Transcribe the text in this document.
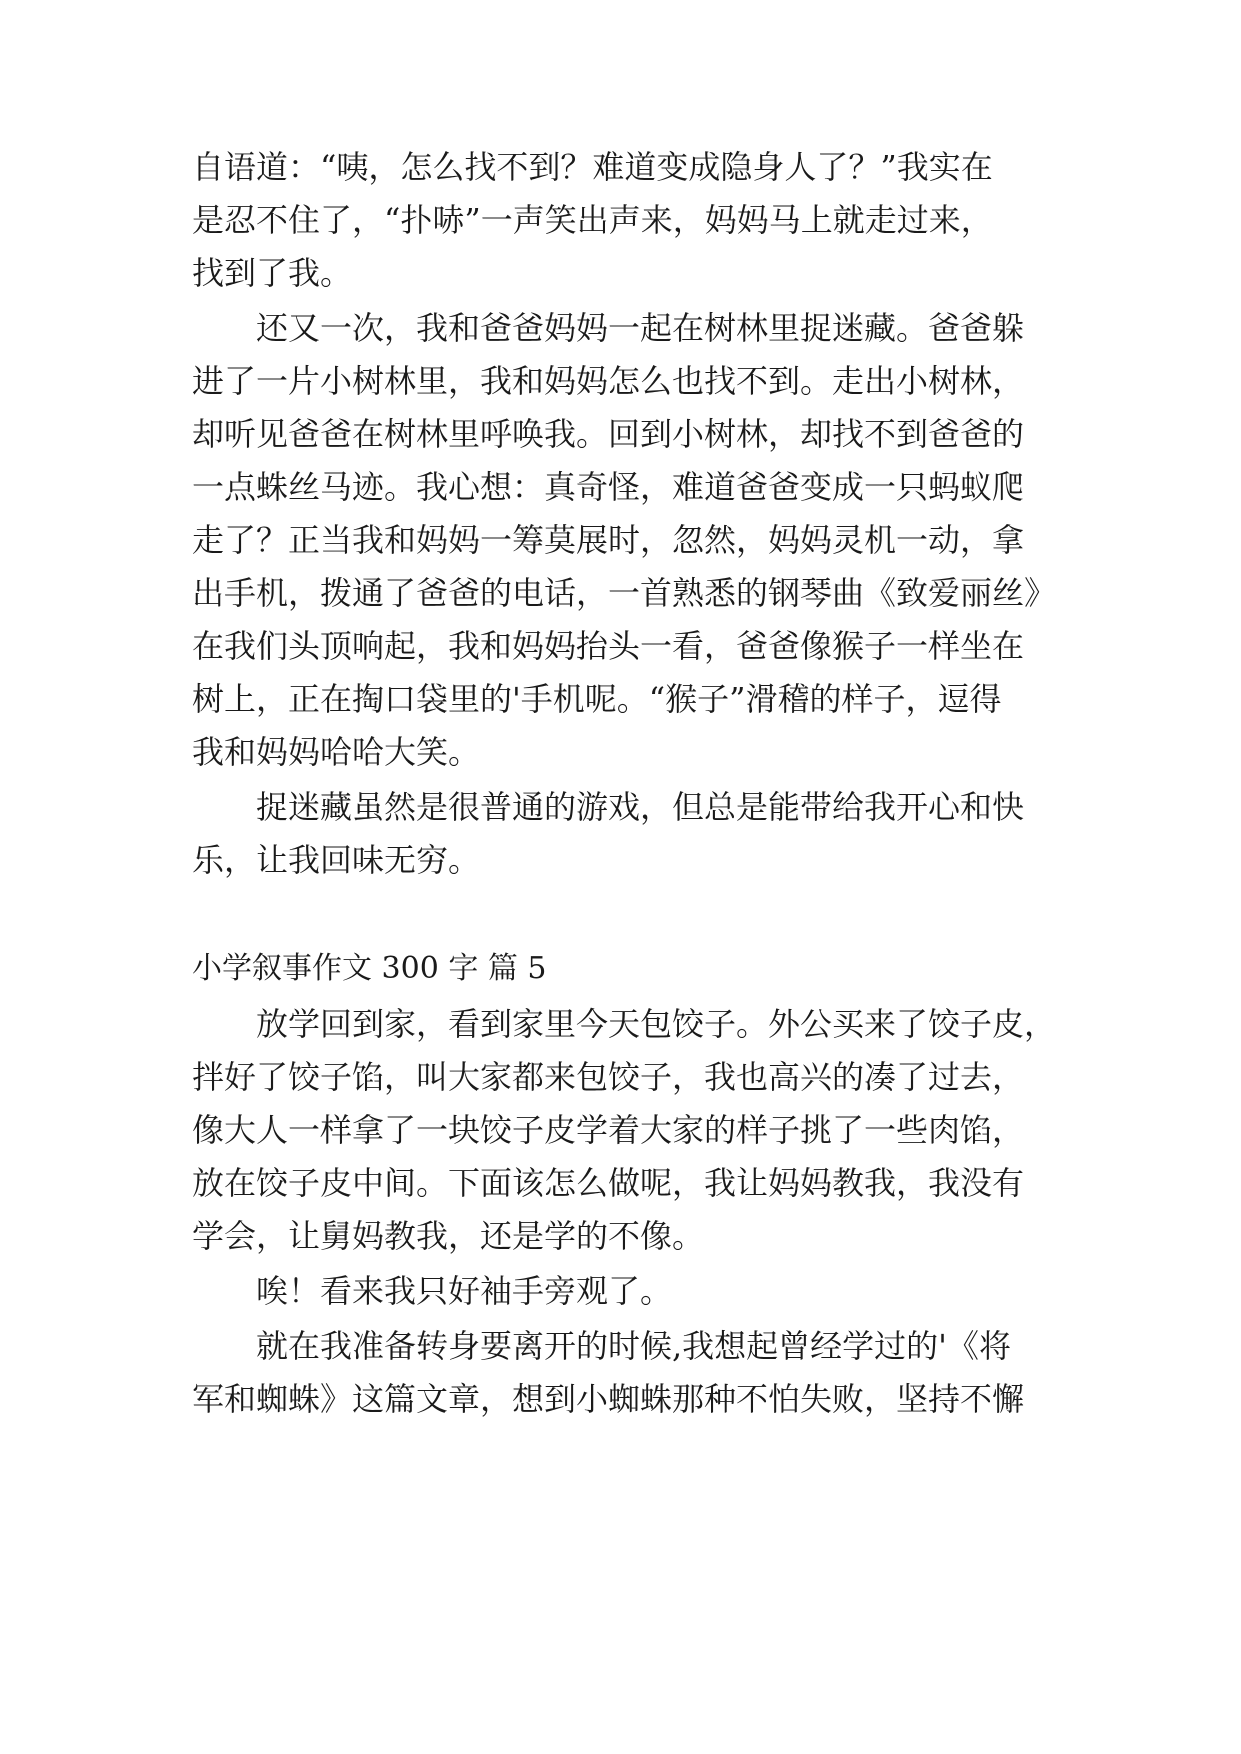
自语道：“咦，怎么找不到？难道变成隐身人了？”我实在
是忍不住了，“扑哧”一声笑出声来，妈妈马上就走过来，
找到了我。
还又一次，我和爸爸妈妈一起在树林里捉迷藏。爸爸躲
进了一片小树林里，我和妈妈怎么也找不到。走出小树林，
却听见爸爸在树林里呼唤我。回到小树林，却找不到爸爸的
一点蛛丝马迹。我心想：真奇怪，难道爸爸变成一只蚂蚁爬
走了？正当我和妈妈一筹莫展时，忽然，妈妈灵机一动，拿
出手机，拨通了爸爸的电话，一首熟悉的钢琴曲《致爱丽丝》
在我们头顶响起，我和妈妈抬头一看，爸爸像猴子一样坐在
树上，正在掏口袋里的'手机呢。“猴子”滑稽的样子，逗得
我和妈妈哈哈大笑。
捉迷藏虽然是很普通的游戏，但总是能带给我开心和快
乐，让我回味无穷。
小学叙事作文 300 字 篇 5
放学回到家，看到家里今天包饺子。外公买来了饺子皮，
拌好了饺子馅，叫大家都来包饺子，我也高兴的凑了过去，
像大人一样拿了一块饺子皮学着大家的样子挑了一些肉馅，
放在饺子皮中间。下面该怎么做呢，我让妈妈教我，我没有
学会，让舅妈教我，还是学的不像。
唉！看来我只好袖手旁观了。
就在我准备转身要离开的时候,我想起曾经学过的'《将
军和蜘蛛》这篇文章，想到小蜘蛛那种不怕失败，坚持不懈
